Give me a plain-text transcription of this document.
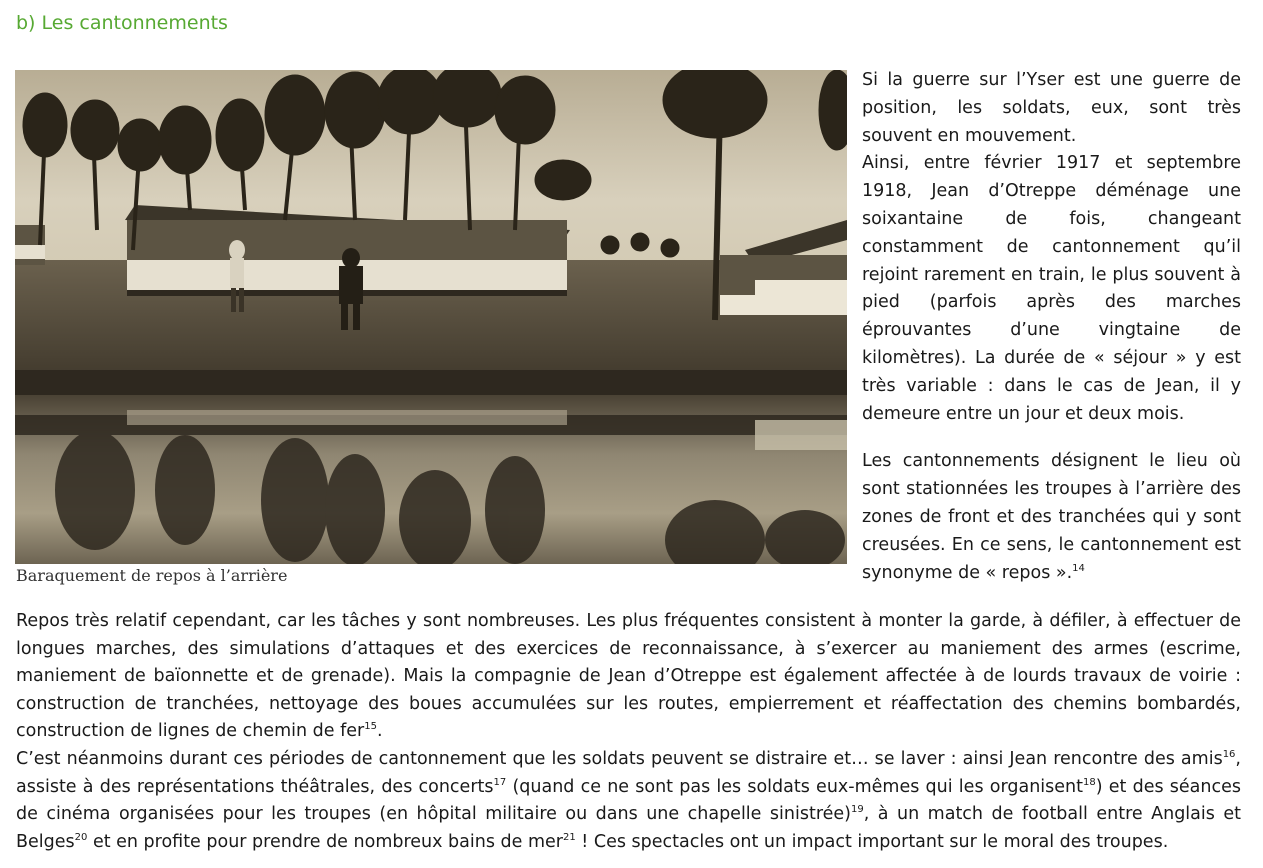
b) Les cantonnements

Baraquement de repos à l’arrière

Si la guerre sur l’Yser est une guerre de position, les soldats, eux, sont très souvent en mouvement.
Ainsi, entre février 1917 et septembre 1918, Jean d’Otreppe déménage une soixantaine de fois, changeant constamment de cantonnement qu’il rejoint rarement en train, le plus souvent à pied (parfois après des marches éprouvantes d’une vingtaine de kilomètres). La durée de « séjour » y est très variable : dans le cas de Jean, il y demeure entre un jour et deux mois.

Les cantonnements désignent le lieu où sont stationnées les troupes à l’arrière des zones de front et des tranchées qui y sont creusées. En ce sens, le cantonnement est synonyme de « repos ».$^{14}$

Repos très relatif cependant, car les tâches y sont nombreuses. Les plus fréquentes consistent à monter la garde, à défiler, à effectuer de longues marches, des simulations d’attaques et des exercices de reconnaissance, à s’exercer au maniement des armes (escrime, maniement de baïonnette et de grenade). Mais la compagnie de Jean d’Otreppe est également affectée à de lourds travaux de voirie : construction de tranchées, nettoyage des boues accumulées sur les routes, empierrement et réaffectation des chemins bombardés, construction de lignes de chemin de fer$^{15}$.

C’est néanmoins durant ces périodes de cantonnement que les soldats peuvent se distraire et… se laver : ainsi Jean rencontre des amis$^{16}$, assiste à des représentations théâtrales, des concerts$^{17}$ (quand ce ne sont pas les soldats eux-mêmes qui les organisent$^{18}$) et des séances de cinéma organisées pour les troupes (en hôpital militaire ou dans une chapelle sinistrée)$^{19}$, à un match de football entre Anglais et Belges$^{20}$ et en profite pour prendre de nombreux bains de mer$^{21}$ ! Ces spectacles ont un impact important sur le moral des troupes.
